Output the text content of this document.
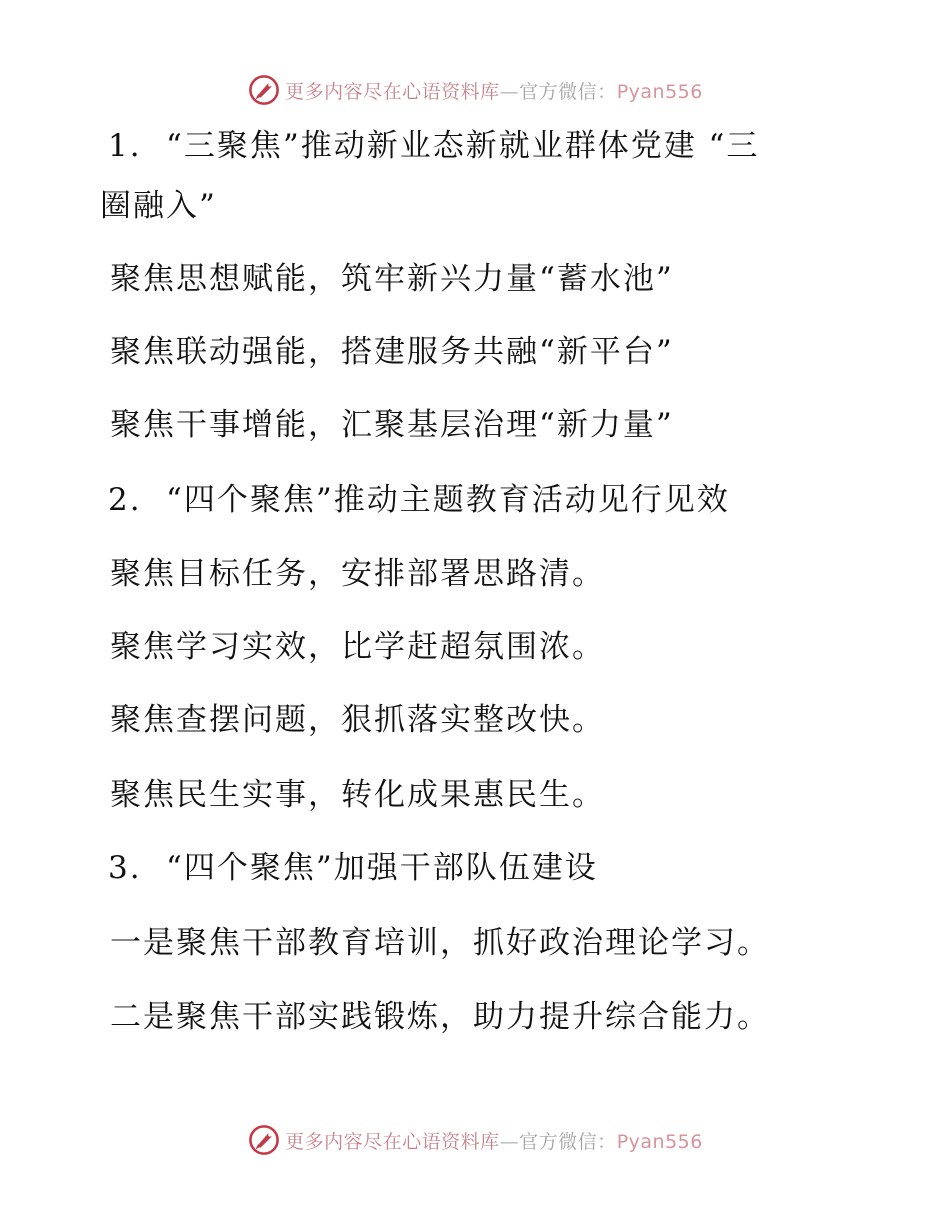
更多内容尽在心语资料库—官方微信：Pyan556
1. “三聚焦”推动新业态新就业群体党建 “三
圈融入”
聚焦思想赋能，筑牢新兴力量“蓄水池”
聚焦联动强能，搭建服务共融“新平台”
聚焦干事增能，汇聚基层治理“新力量”
2. “四个聚焦”推动主题教育活动见行见效
聚焦目标任务，安排部署思路清。
聚焦学习实效，比学赶超氛围浓。
聚焦查摆问题，狠抓落实整改快。
聚焦民生实事，转化成果惠民生。
3. “四个聚焦”加强干部队伍建设
一是聚焦干部教育培训，抓好政治理论学习。
二是聚焦干部实践锻炼，助力提升综合能力。
更多内容尽在心语资料库—官方微信：Pyan556
